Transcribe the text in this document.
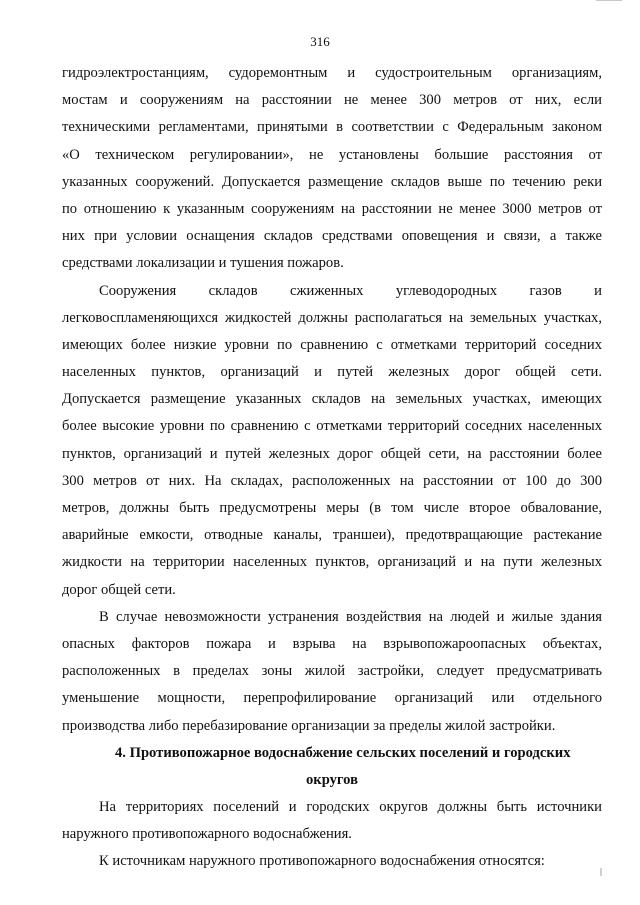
316
гидроэлектростанциям, судоремонтным и судостроительным организациям,
мостам и сооружениям на расстоянии не менее 300 метров от них, если
техническими регламентами, принятыми в соответствии с Федеральным законом
«О техническом регулировании», не установлены большие расстояния от
указанных сооружений. Допускается размещение складов выше по течению реки
по отношению к указанным сооружениям на расстоянии не менее 3000 метров от
них при условии оснащения складов средствами оповещения и связи, а также
средствами локализации и тушения пожаров.
Сооружения складов сжиженных углеводородных газов и
легковоспламеняющихся жидкостей должны располагаться на земельных участках,
имеющих более низкие уровни по сравнению с отметками территорий соседних
населенных пунктов, организаций и путей железных дорог общей сети.
Допускается размещение указанных складов на земельных участках, имеющих
более высокие уровни по сравнению с отметками территорий соседних населенных
пунктов, организаций и путей железных дорог общей сети, на расстоянии более
300 метров от них. На складах, расположенных на расстоянии от 100 до 300
метров, должны быть предусмотрены меры (в том числе второе обвалование,
аварийные емкости, отводные каналы, траншеи), предотвращающие растекание
жидкости на территории населенных пунктов, организаций и на пути железных
дорог общей сети.
В случае невозможности устранения воздействия на людей и жилые здания
опасных факторов пожара и взрыва на взрывопожароопасных объектах,
расположенных в пределах зоны жилой застройки, следует предусматривать
уменьшение мощности, перепрофилирование организаций или отдельного
производства либо перебазирование организации за пределы жилой застройки.
4. Противопожарное водоснабжение сельских поселений и городских
округов
На территориях поселений и городских округов должны быть источники
наружного противопожарного водоснабжения.
К источникам наружного противопожарного водоснабжения относятся:
